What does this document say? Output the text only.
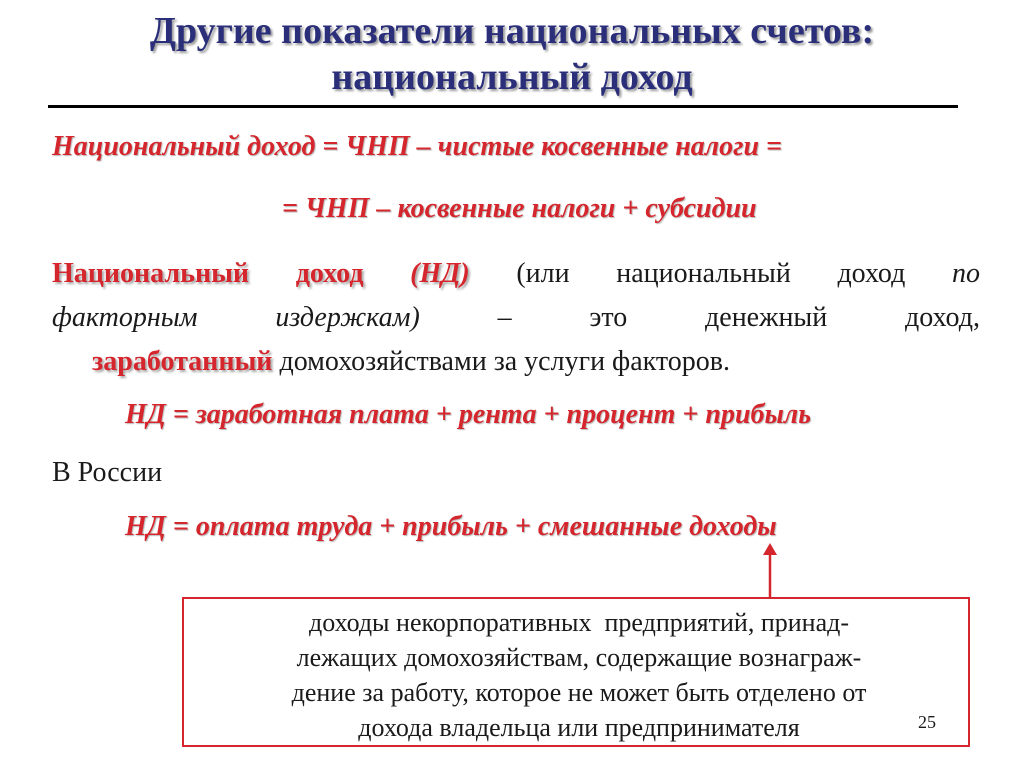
Другие показатели национальных счетов:
национальный доход
Национальный доход = ЧНП – чистые косвенные налоги =
= ЧНП – косвенные налоги + субсидии
Национальный доход (НД) (или национальный доход по
факторным	издержкам)	–	это	денежный	доход,
заработанный домохозяйствами за услуги факторов.
НД = заработная плата + рента + процент + прибыль
В России
НД = оплата труда + прибыль + смешанные доходы
доходы некорпоративных  предприятий, принад-
лежащих домохозяйствам, содержащие вознаграж-
дение за работу, которое не может быть отделено от
дохода владельца или предпринимателя	25
